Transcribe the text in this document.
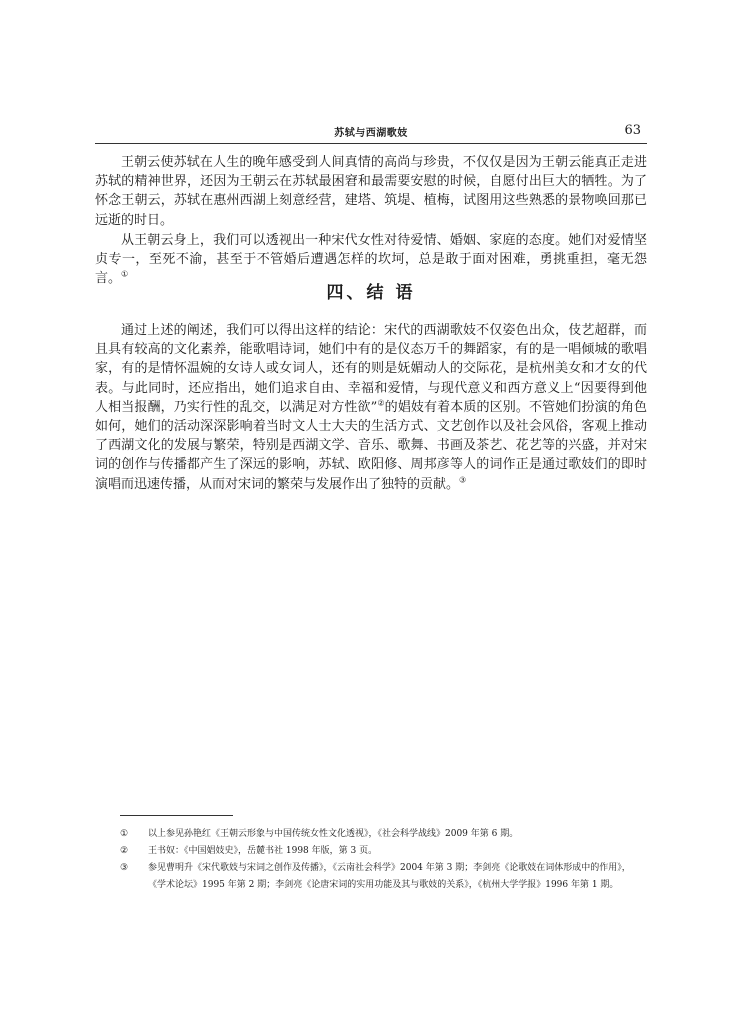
苏轼与西湖歌妓	63

王朝云使苏轼在人生的晚年感受到人间真情的高尚与珍贵，不仅仅是因为王朝云能真正走进苏轼的精神世界，还因为王朝云在苏轼最困窘和最需要安慰的时候，自愿付出巨大的牺牲。为了怀念王朝云，苏轼在惠州西湖上刻意经营，建塔、筑堤、植梅，试图用这些熟悉的景物唤回那已远逝的时日。

从王朝云身上，我们可以透视出一种宋代女性对待爱情、婚姻、家庭的态度。她们对爱情坚贞专一，至死不渝，甚至于不管婚后遭遇怎样的坎坷，总是敢于面对困难，勇挑重担，毫无怨言。①

四、结 语

通过上述的阐述，我们可以得出这样的结论：宋代的西湖歌妓不仅姿色出众，伎艺超群，而且具有较高的文化素养，能歌唱诗词，她们中有的是仪态万千的舞蹈家，有的是一唱倾城的歌唱家，有的是情怀温婉的女诗人或女词人，还有的则是妩媚动人的交际花，是杭州美女和才女的代表。与此同时，还应指出，她们追求自由、幸福和爱情，与现代意义和西方意义上“因要得到他人相当报酬，乃实行性的乱交，以满足对方性欲”②的娼妓有着本质的区别。不管她们扮演的角色如何，她们的活动深深影响着当时文人士大夫的生活方式、文艺创作以及社会风俗，客观上推动了西湖文化的发展与繁荣，特别是西湖文学、音乐、歌舞、书画及茶艺、花艺等的兴盛，并对宋词的创作与传播都产生了深远的影响，苏轼、欧阳修、周邦彦等人的词作正是通过歌妓们的即时演唱而迅速传播，从而对宋词的繁荣与发展作出了独特的贡献。③

① 以上参见孙艳红《王朝云形象与中国传统女性文化透视》，《社会科学战线》2009 年第 6 期。
② 王书奴：《中国娼妓史》，岳麓书社 1998 年版，第 3 页。
③ 参见曹明升《宋代歌妓与宋词之创作及传播》，《云南社会科学》2004 年第 3 期；李剑亮《论歌妓在词体形成中的作用》，《学术论坛》1995 年第 2 期；李剑亮《论唐宋词的实用功能及其与歌妓的关系》，《杭州大学学报》1996 年第 1 期。
